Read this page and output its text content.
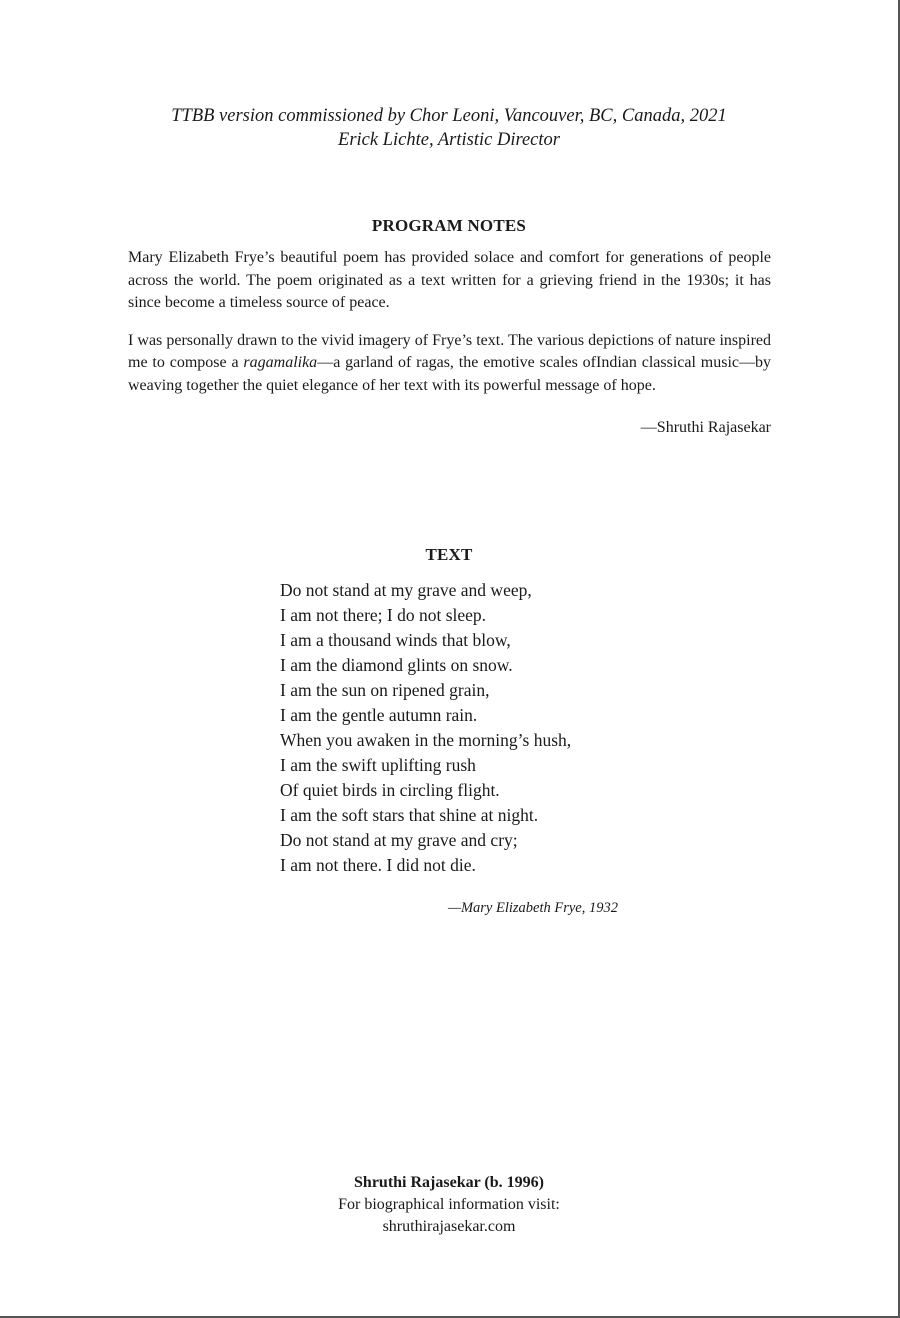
TTBB version commissioned by Chor Leoni, Vancouver, BC, Canada, 2021
Erick Lichte, Artistic Director
PROGRAM NOTES

Mary Elizabeth Frye’s beautiful poem has provided solace and comfort for generations of people across the world. The poem originated as a text written for a grieving friend in the 1930s; it has since become a timeless source of peace.

I was personally drawn to the vivid imagery of Frye’s text. The various depictions of nature inspired me to compose a ragamalika—a garland of ragas, the emotive scales ofIndian classical music—by weaving together the quiet elegance of her text with its powerful message of hope.

—Shruthi Rajasekar
TEXT
Do not stand at my grave and weep,
I am not there; I do not sleep.
I am a thousand winds that blow,
I am the diamond glints on snow.
I am the sun on ripened grain,
I am the gentle autumn rain.
When you awaken in the morning’s hush,
I am the swift uplifting rush
Of quiet birds in circling flight.
I am the soft stars that shine at night.
Do not stand at my grave and cry;
I am not there. I did not die.
—Mary Elizabeth Frye, 1932
Shruthi Rajasekar (b. 1996)
For biographical information visit:
shruthirajasekar.com
